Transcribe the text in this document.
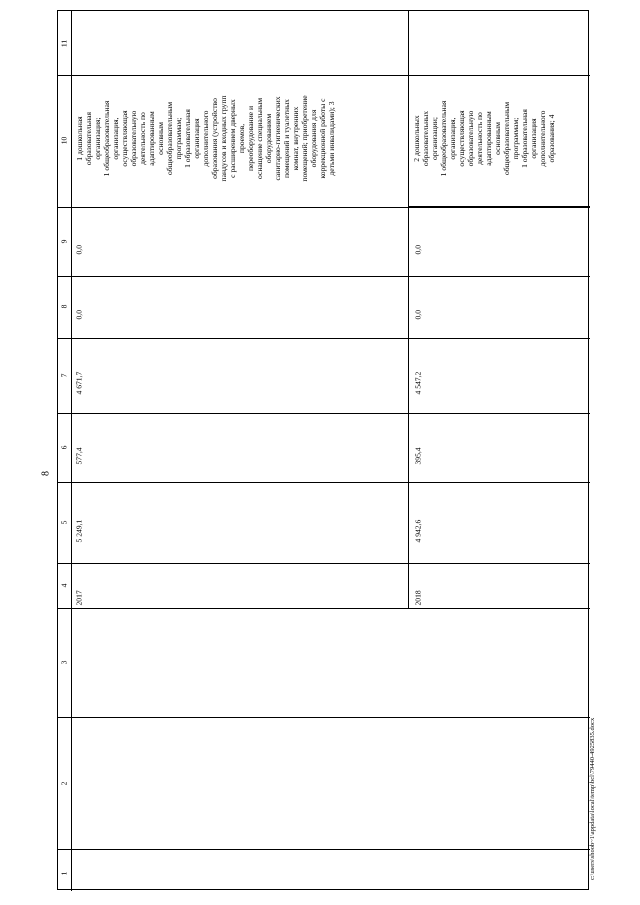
8
11
10
9
8
7
6
5
4
3
2
1
2017
5 249,1
577,4
4 671,7
0,0
0,0
1 дошкольная
образовательная
организация;
1 общеобразовательная
организация,
осуществляющая
образовательную
деятельность по
адаптированным
основным
общеобразовательным
программам;
1 образовательная
организация
дополнительного
образования (устройство
пандусов и входных групп
с расширением дверных
проемов,
переоборудование и
оснащение специальным
оборудованием
санитарно-гигиенических
помещений и туалетных
комнат, внутренних
помещений; приобретение
оборудования для
коррекционной работы с
детьми инвалидами); 3
2018
4 942,6
395,4
4 547,2
0,0
0,0
2 дошкольных
образовательных
организации;
1 общеобразовательная
организация,
осуществляющая
образовательную
деятельность по
адаптированным
основным
общеобразовательным
программам;
1 образовательная
организация
дополнительного
образования; 4
c:\users\shoob~1\appdata\local\temp\bcl\79440-4925835.docx
